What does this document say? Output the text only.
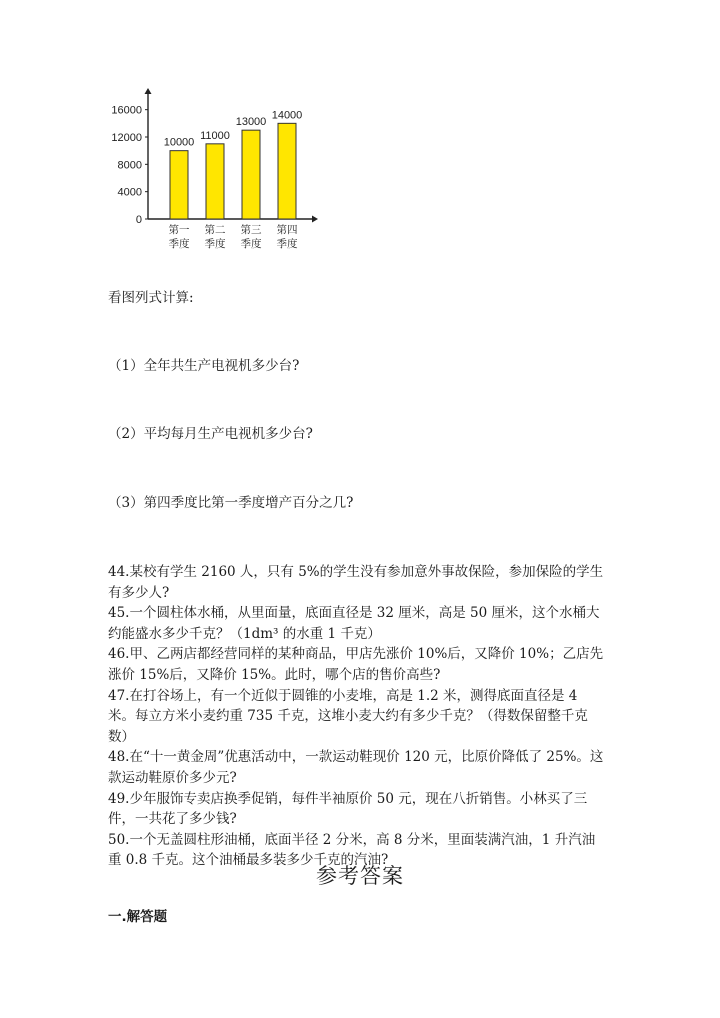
0
4000
8000
12000
16000
10000
11000
13000
14000
第一
季度
第二
季度
第三
季度
第四
季度
看图列式计算:
（1）全年共生产电视机多少台?
（2）平均每月生产电视机多少台?
（3）第四季度比第一季度增产百分之几?

44.某校有学生 2160 人，只有 5%的学生没有参加意外事故保险，参加保险的学生有多少人?

45.一个圆柱体水桶，从里面量，底面直径是 32 厘米，高是 50 厘米，这个水桶大约能盛水多少千克？（1dm³ 的水重 1 千克）

46.甲、乙两店都经营同样的某种商品，甲店先涨价 10%后，又降价 10%；乙店先涨价 15%后，又降价 15%。此时，哪个店的售价高些?

47.在打谷场上，有一个近似于圆锥的小麦堆，高是 1.2 米，测得底面直径是 4 米。每立方米小麦约重 735 千克，这堆小麦大约有多少千克？（得数保留整千克数）

48.在“十一黄金周”优惠活动中，一款运动鞋现价 120 元，比原价降低了 25%。这款运动鞋原价多少元?

49.少年服饰专卖店换季促销，每件半袖原价 50 元，现在八折销售。小林买了三件，一共花了多少钱?

50.一个无盖圆柱形油桶，底面半径 2 分米，高 8 分米，里面装满汽油，1 升汽油重 0.8 千克。这个油桶最多装多少千克的汽油?

参考答案
一.解答题
